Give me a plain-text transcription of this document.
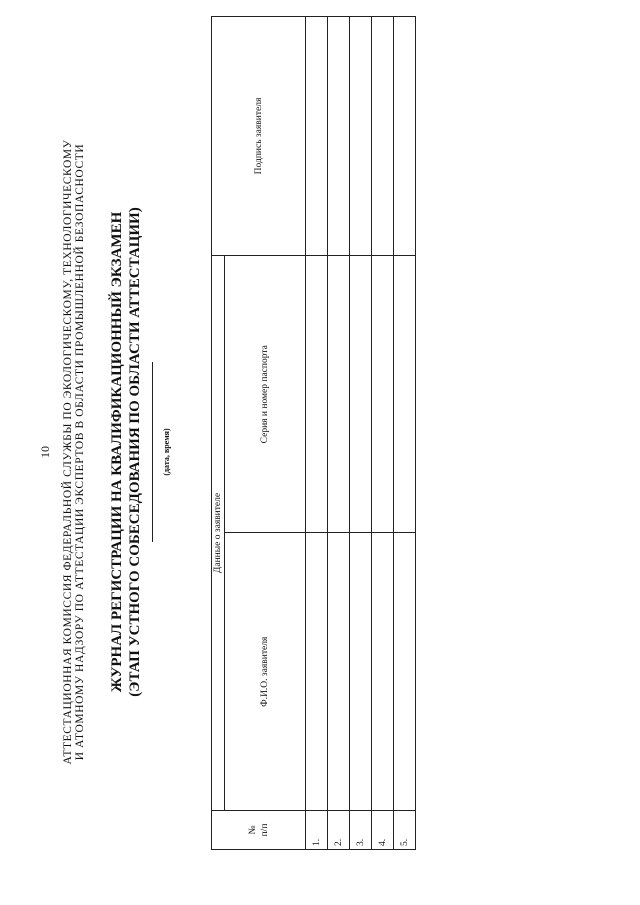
10 АТТЕСТАЦИОННАЯ КОМИССИЯ ФЕДЕРАЛЬНОЙ СЛУЖБЫ ПО ЭКОЛОГИЧЕСКОМУ, ТЕХНОЛОГИЧЕСКОМУ И АТОМНОМУ НАДЗОРУ ПО АТТЕСТАЦИИ ЭКСПЕРТОВ В ОБЛАСТИ ПРОМЫШЛЕННОЙ БЕЗОПАСНОСТИ ЖУРНАЛ РЕГИСТРАЦИИ НА КВАЛИФИКАЦИОННЫЙ ЭКЗАМЕН (ЭТАП УСТНОГО СОБЕСЕДОВАНИЯ ПО ОБЛАСТИ АТТЕСТАЦИИ) (дата, время)
№ п/п	Данные о заявителе		Подпись заявителя
	Ф.И.О. заявителя	Серия и номер паспорта	
1.			
2.			
3.			
4.			
5.			
